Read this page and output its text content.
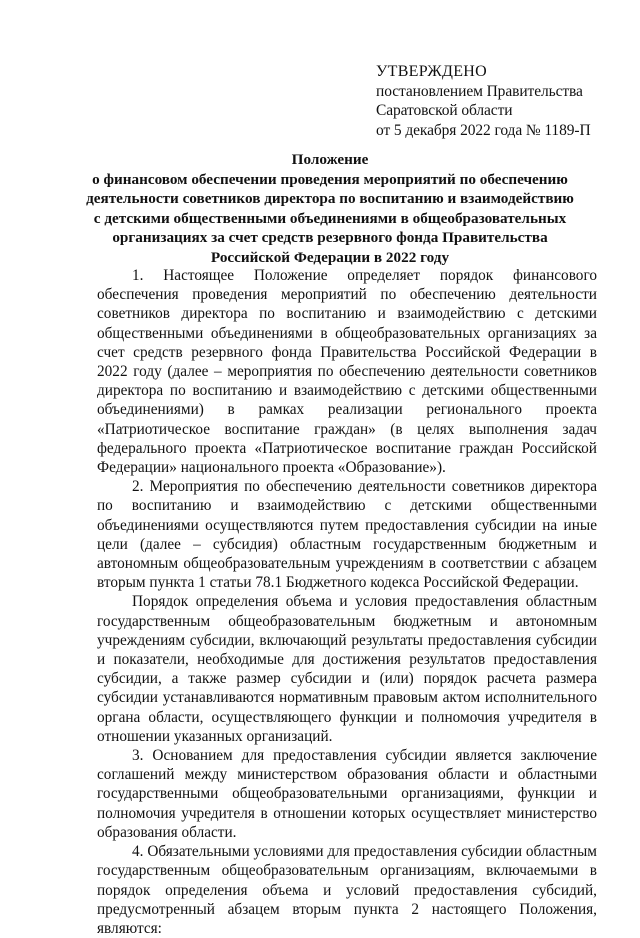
УТВЕРЖДЕНО
постановлением Правительства
Саратовской области
от 5 декабря 2022 года № 1189-П
Положение
о финансовом обеспечении проведения мероприятий по обеспечению
деятельности советников директора по воспитанию и взаимодействию
с детскими общественными объединениями в общеобразовательных
организациях за счет средств резервного фонда Правительства
Российской Федерации в 2022 году

1. Настоящее Положение определяет порядок финансового обеспечения проведения мероприятий по обеспечению деятельности советников директора по воспитанию и взаимодействию с детскими общественными объединениями в общеобразовательных организациях за счет средств резервного фонда Правительства Российской Федерации в 2022 году (далее – мероприятия по обеспечению деятельности советников директора по воспитанию и взаимодействию с детскими общественными объединениями) в рамках реализации регионального проекта «Патриотическое воспитание граждан» (в целях выполнения задач федерального проекта «Патриотическое воспитание граждан Российской Федерации» национального проекта «Образование»).

2. Мероприятия по обеспечению деятельности советников директора по воспитанию и взаимодействию с детскими общественными объединениями осуществляются путем предоставления субсидии на иные цели (далее – субсидия) областным государственным бюджетным и автономным общеобразовательным учреждениям в соответствии с абзацем вторым пункта 1 статьи 78.1 Бюджетного кодекса Российской Федерации.

Порядок определения объема и условия предоставления областным государственным общеобразовательным бюджетным и автономным учреждениям субсидии, включающий результаты предоставления субсидии и показатели, необходимые для достижения результатов предоставления субсидии, а также размер субсидии и (или) порядок расчета размера субсидии устанавливаются нормативным правовым актом исполнительного органа области, осуществляющего функции и полномочия учредителя в отношении указанных организаций.

3. Основанием для предоставления субсидии является заключение соглашений между министерством образования области и областными государственными общеобразовательными организациями, функции и полномочия учредителя в отношении которых осуществляет министерство образования области.

4. Обязательными условиями для предоставления субсидии областным государственным общеобразовательным организациям, включаемыми в порядок определения объема и условий предоставления субсидий, предусмотренный абзацем вторым пункта 2 настоящего Положения, являются:
